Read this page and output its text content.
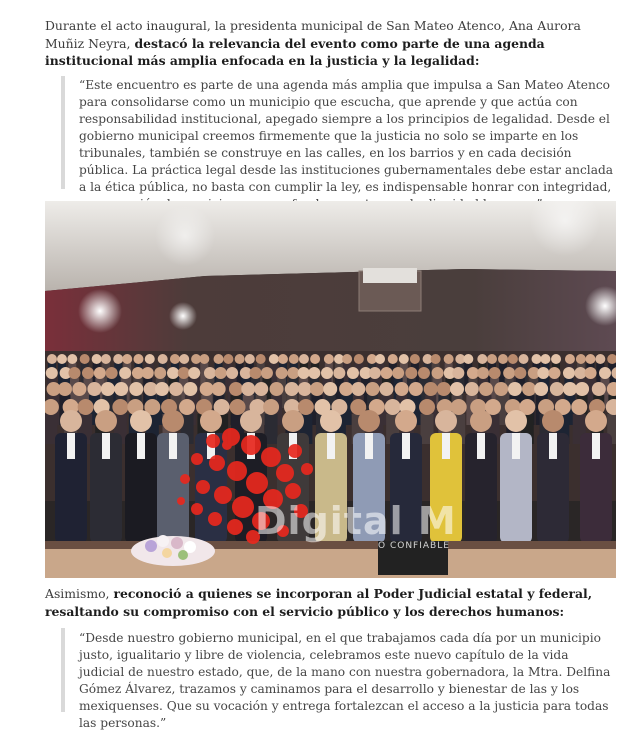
Durante el acto inaugural, la presidenta municipal de San Mateo Atenco, Ana Aurora Muñiz Neyra, destacó la relevancia del evento como parte de una agenda institucional más amplia enfocada en la justicia y la legalidad:

“Este encuentro es parte de una agenda más amplia que impulsa a San Mateo Atenco para consolidarse como un municipio que escucha, que aprende y que actúa con responsabilidad institucional, apegado siempre a los principios de legalidad. Desde el gobierno municipal creemos firmemente que la justicia no solo se imparte en los tribunales, también se construye en las calles, en los barrios y en cada decisión pública. La práctica legal desde las instituciones gubernamentales debe estar anclada a la ética pública, no basta con cumplir la ley, es indispensable honrar con integridad,
Digital M
O CONFIABLE

Asimismo, reconoció a quienes se incorporan al Poder Judicial estatal y federal, resaltando su compromiso con el servicio público y los derechos humanos:

“Desde nuestro gobierno municipal, en el que trabajamos cada día por un municipio justo, igualitario y libre de violencia, celebramos este nuevo capítulo de la vida judicial de nuestro estado, que, de la mano con nuestra gobernadora, la Mtra. Delfina Gómez Álvarez, trazamos y caminamos para el desarrollo y bienestar de las y los mexiquenses. Que su vocación y entrega fortalezcan el acceso a la justicia para todas las personas.”
